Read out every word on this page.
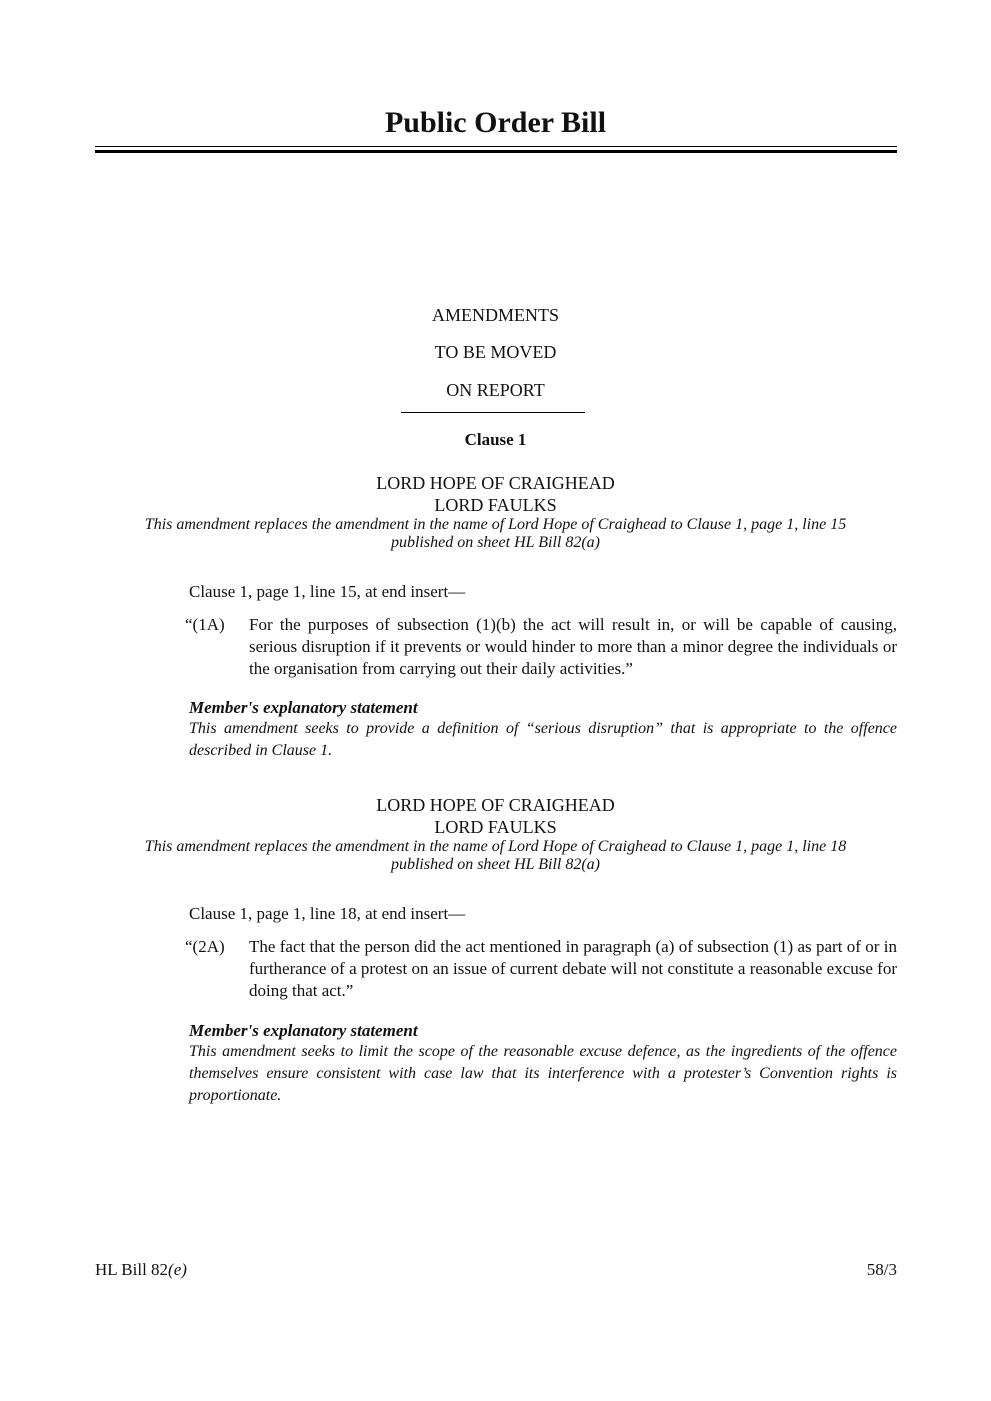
Public Order Bill
AMENDMENTS
TO BE MOVED
ON REPORT
Clause 1
LORD HOPE OF CRAIGHEAD
LORD FAULKS
This amendment replaces the amendment in the name of Lord Hope of Craighead to Clause 1, page 1, line 15
published on sheet HL Bill 82(a)
Clause 1, page 1, line 15, at end insert—
“(1A) For the purposes of subsection (1)(b) the act will result in, or will be capable of causing, serious disruption if it prevents or would hinder to more than a minor degree the individuals or the organisation from carrying out their daily activities.”
Member's explanatory statement
This amendment seeks to provide a definition of “serious disruption” that is appropriate to the offence described in Clause 1.
LORD HOPE OF CRAIGHEAD
LORD FAULKS
This amendment replaces the amendment in the name of Lord Hope of Craighead to Clause 1, page 1, line 18
published on sheet HL Bill 82(a)
Clause 1, page 1, line 18, at end insert—
“(2A) The fact that the person did the act mentioned in paragraph (a) of subsection (1) as part of or in furtherance of a protest on an issue of current debate will not constitute a reasonable excuse for doing that act.”
Member's explanatory statement
This amendment seeks to limit the scope of the reasonable excuse defence, as the ingredients of the offence themselves ensure consistent with case law that its interference with a protester’s Convention rights is proportionate.
HL Bill 82(e)	58/3
